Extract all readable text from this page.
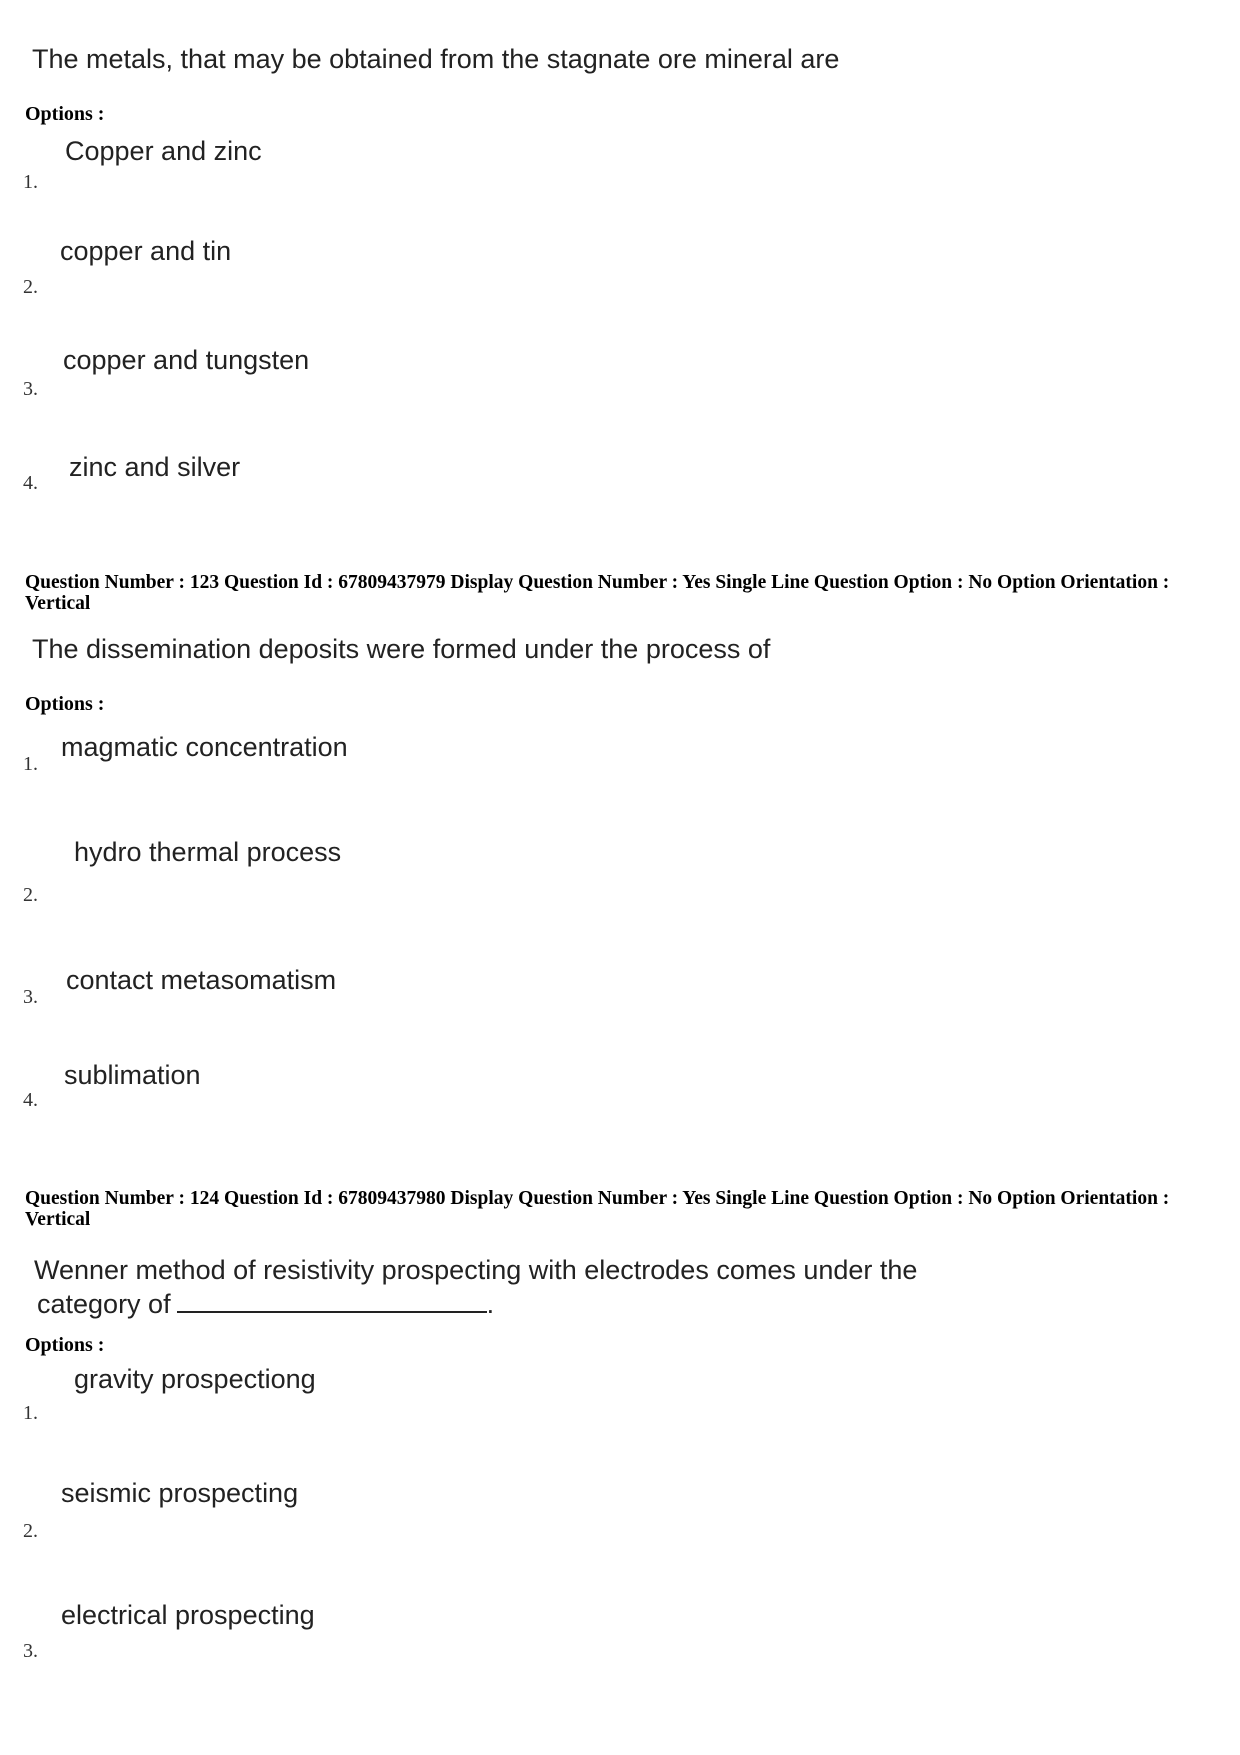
The metals, that may be obtained from the stagnate ore mineral are
Options :
Copper and zinc
1.
copper and tin
2.
copper and tungsten
3.
zinc and silver
4.
Question Number : 123 Question Id : 67809437979 Display Question Number : Yes Single Line Question Option : No Option Orientation : Vertical
The dissemination deposits were formed under the process of
Options :
magmatic concentration
1.
hydro thermal process
2.
contact metasomatism
3.
sublimation
4.
Question Number : 124 Question Id : 67809437980 Display Question Number : Yes Single Line Question Option : No Option Orientation : Vertical
Wenner method of resistivity prospecting with electrodes comes under the
category of	.
Options :
gravity prospectiong
1.
seismic prospecting
2.
electrical prospecting
3.
